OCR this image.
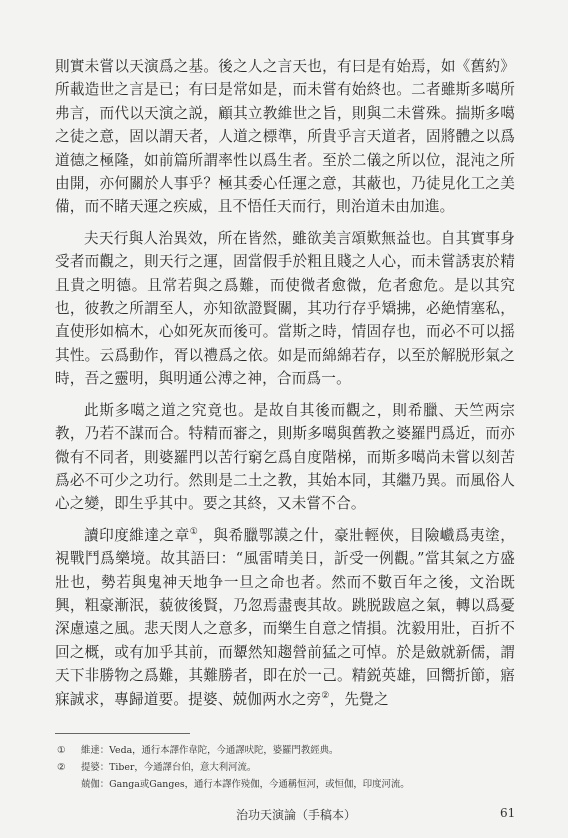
則實未嘗以天演爲之基。後之人之言天也，有曰是有始焉，如《舊約》所載造世之言是已；有曰是常如是，而未嘗有始終也。二者雖斯多噶所弗言，而代以天演之説，顧其立教維世之旨，則與二未嘗殊。揣斯多噶之徒之意，固以謂天者，人道之標準，所貴乎言天道者，固將體之以爲道德之極隆，如前篇所謂率性以爲生者。至於二儀之所以位，混沌之所由開，亦何關於人事乎？極其委心任運之意，其蔽也，乃徒見化工之美備，而不睹天運之疾威，且不悟任天而行，則治道未由加進。

夫天行與人治異效，所在皆然，雖欲美言頌歎無益也。自其實事身受者而觀之，則天行之運，固當假手於粗且賤之人心，而未嘗誘衷於精且貴之明德。且常若與之爲難，而使微者愈微，危者愈危。是以其究也，彼教之所謂至人，亦知欲證賢關，其功行存乎矯拂，必絶情塞私，直使形如槁木，心如死灰而後可。當斯之時，情固存也，而必不可以摇其性。云爲動作，胥以禮爲之依。如是而綿綿若存，以至於解脱形氣之時，吾之靈明，與明通公溥之神，合而爲一。

此斯多噶之道之究竟也。是故自其後而觀之，則希臘、天竺两宗教，乃若不謀而合。特精而審之，則斯多噶與舊教之婆羅門爲近，而亦微有不同者，則婆羅門以苦行窮乞爲自度階梯，而斯多噶尚未嘗以刻苦爲必不可少之功行。然則是二土之教，其始本同，其繼乃異。而風俗人心之變，即生乎其中。要之其終，又未嘗不合。

讀印度維達之章①，與希臘鄂謨之什，豪壯輕俠，目險巇爲夷塗，視戰鬥爲樂境。故其語曰：“風雷晴美日，訢受一例觀。”當其氣之方盛壯也，勢若與鬼神天地争一旦之命也者。然而不數百年之後，文治既興，粗豪漸泯，藐彼後賢，乃忽焉盡喪其故。跳脱跋扈之氣，轉以爲憂深慮遠之風。悲天閔人之意多，而樂生自意之情損。沈毅用壯，百折不回之概，或有加乎其前，而顰然知趨營前猛之可悼。於是斂就新儒，謂天下非勝物之爲難，其難勝者，即在於一己。精鋭英雄，回嚮折節，寤寐誠求，專歸道要。提婆、兢伽两水之旁②，先覺之

① 維達：Veda，通行本譯作韋陀，今通譯吠陀，婆羅門教經典。

② 提婆：Tiber，今通譯台伯，意大利河流。

兢伽：Ganga或Ganges，通行本譯作殑伽，今通稱恒河，或恒伽，印度河流。

治功天演論（手稿本）	61
